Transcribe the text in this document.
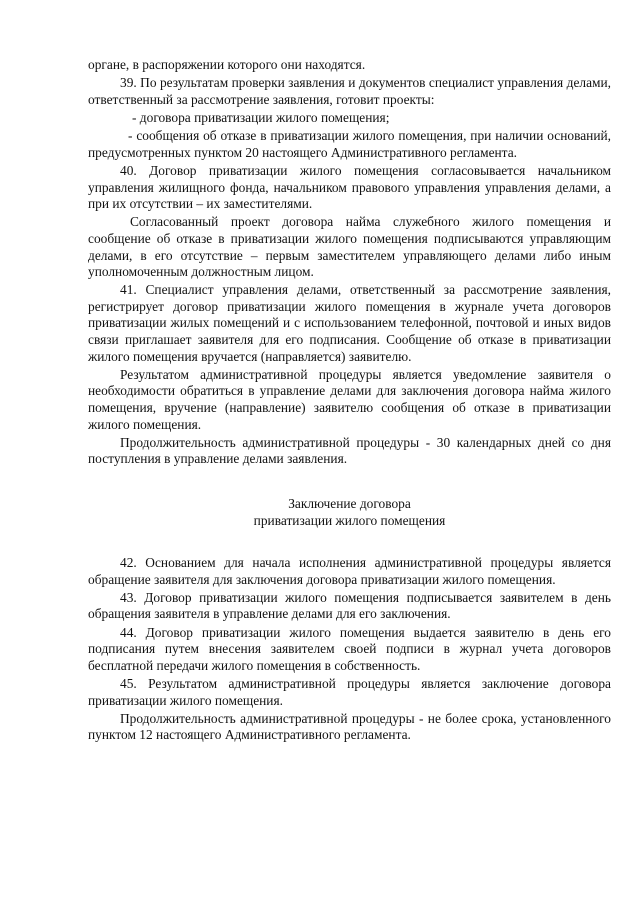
органе, в распоряжении которого они находятся.

39. По результатам проверки заявления и документов специалист управления делами, ответственный за рассмотрение заявления, готовит проекты:

- договора приватизации жилого помещения;

- сообщения об отказе в приватизации жилого помещения, при наличии оснований, предусмотренных пунктом 20 настоящего Административного регламента.

40. Договор приватизации жилого помещения согласовывается начальником управления жилищного фонда, начальником правового управления управления делами, а при их отсутствии – их заместителями.

Согласованный проект договора найма служебного жилого помещения и сообщение об отказе в приватизации жилого помещения подписываются управляющим делами, в его отсутствие – первым заместителем управляющего делами либо иным уполномоченным должностным лицом.

41. Специалист управления делами, ответственный за рассмотрение заявления, регистрирует договор приватизации жилого помещения в журнале учета договоров приватизации жилых помещений и с использованием телефонной, почтовой и иных видов связи приглашает заявителя для его подписания. Сообщение об отказе в приватизации жилого помещения вручается (направляется) заявителю.

Результатом административной процедуры является уведомление заявителя о необходимости обратиться в управление делами для заключения договора найма жилого помещения, вручение (направление) заявителю сообщения об отказе в приватизации жилого помещения.

Продолжительность административной процедуры - 30 календарных дней со дня поступления в управление делами заявления.

Заключение договора
приватизации жилого помещения

42. Основанием для начала исполнения административной процедуры является обращение заявителя для заключения договора приватизации жилого помещения.

43. Договор приватизации жилого помещения подписывается заявителем в день обращения заявителя в управление делами для его заключения.

44. Договор приватизации жилого помещения выдается заявителю в день его подписания путем внесения заявителем своей подписи в журнал учета договоров бесплатной передачи жилого помещения в собственность.

45. Результатом административной процедуры является заключение договора приватизации жилого помещения.

Продолжительность административной процедуры - не более срока, установленного пунктом 12 настоящего Административного регламента.
